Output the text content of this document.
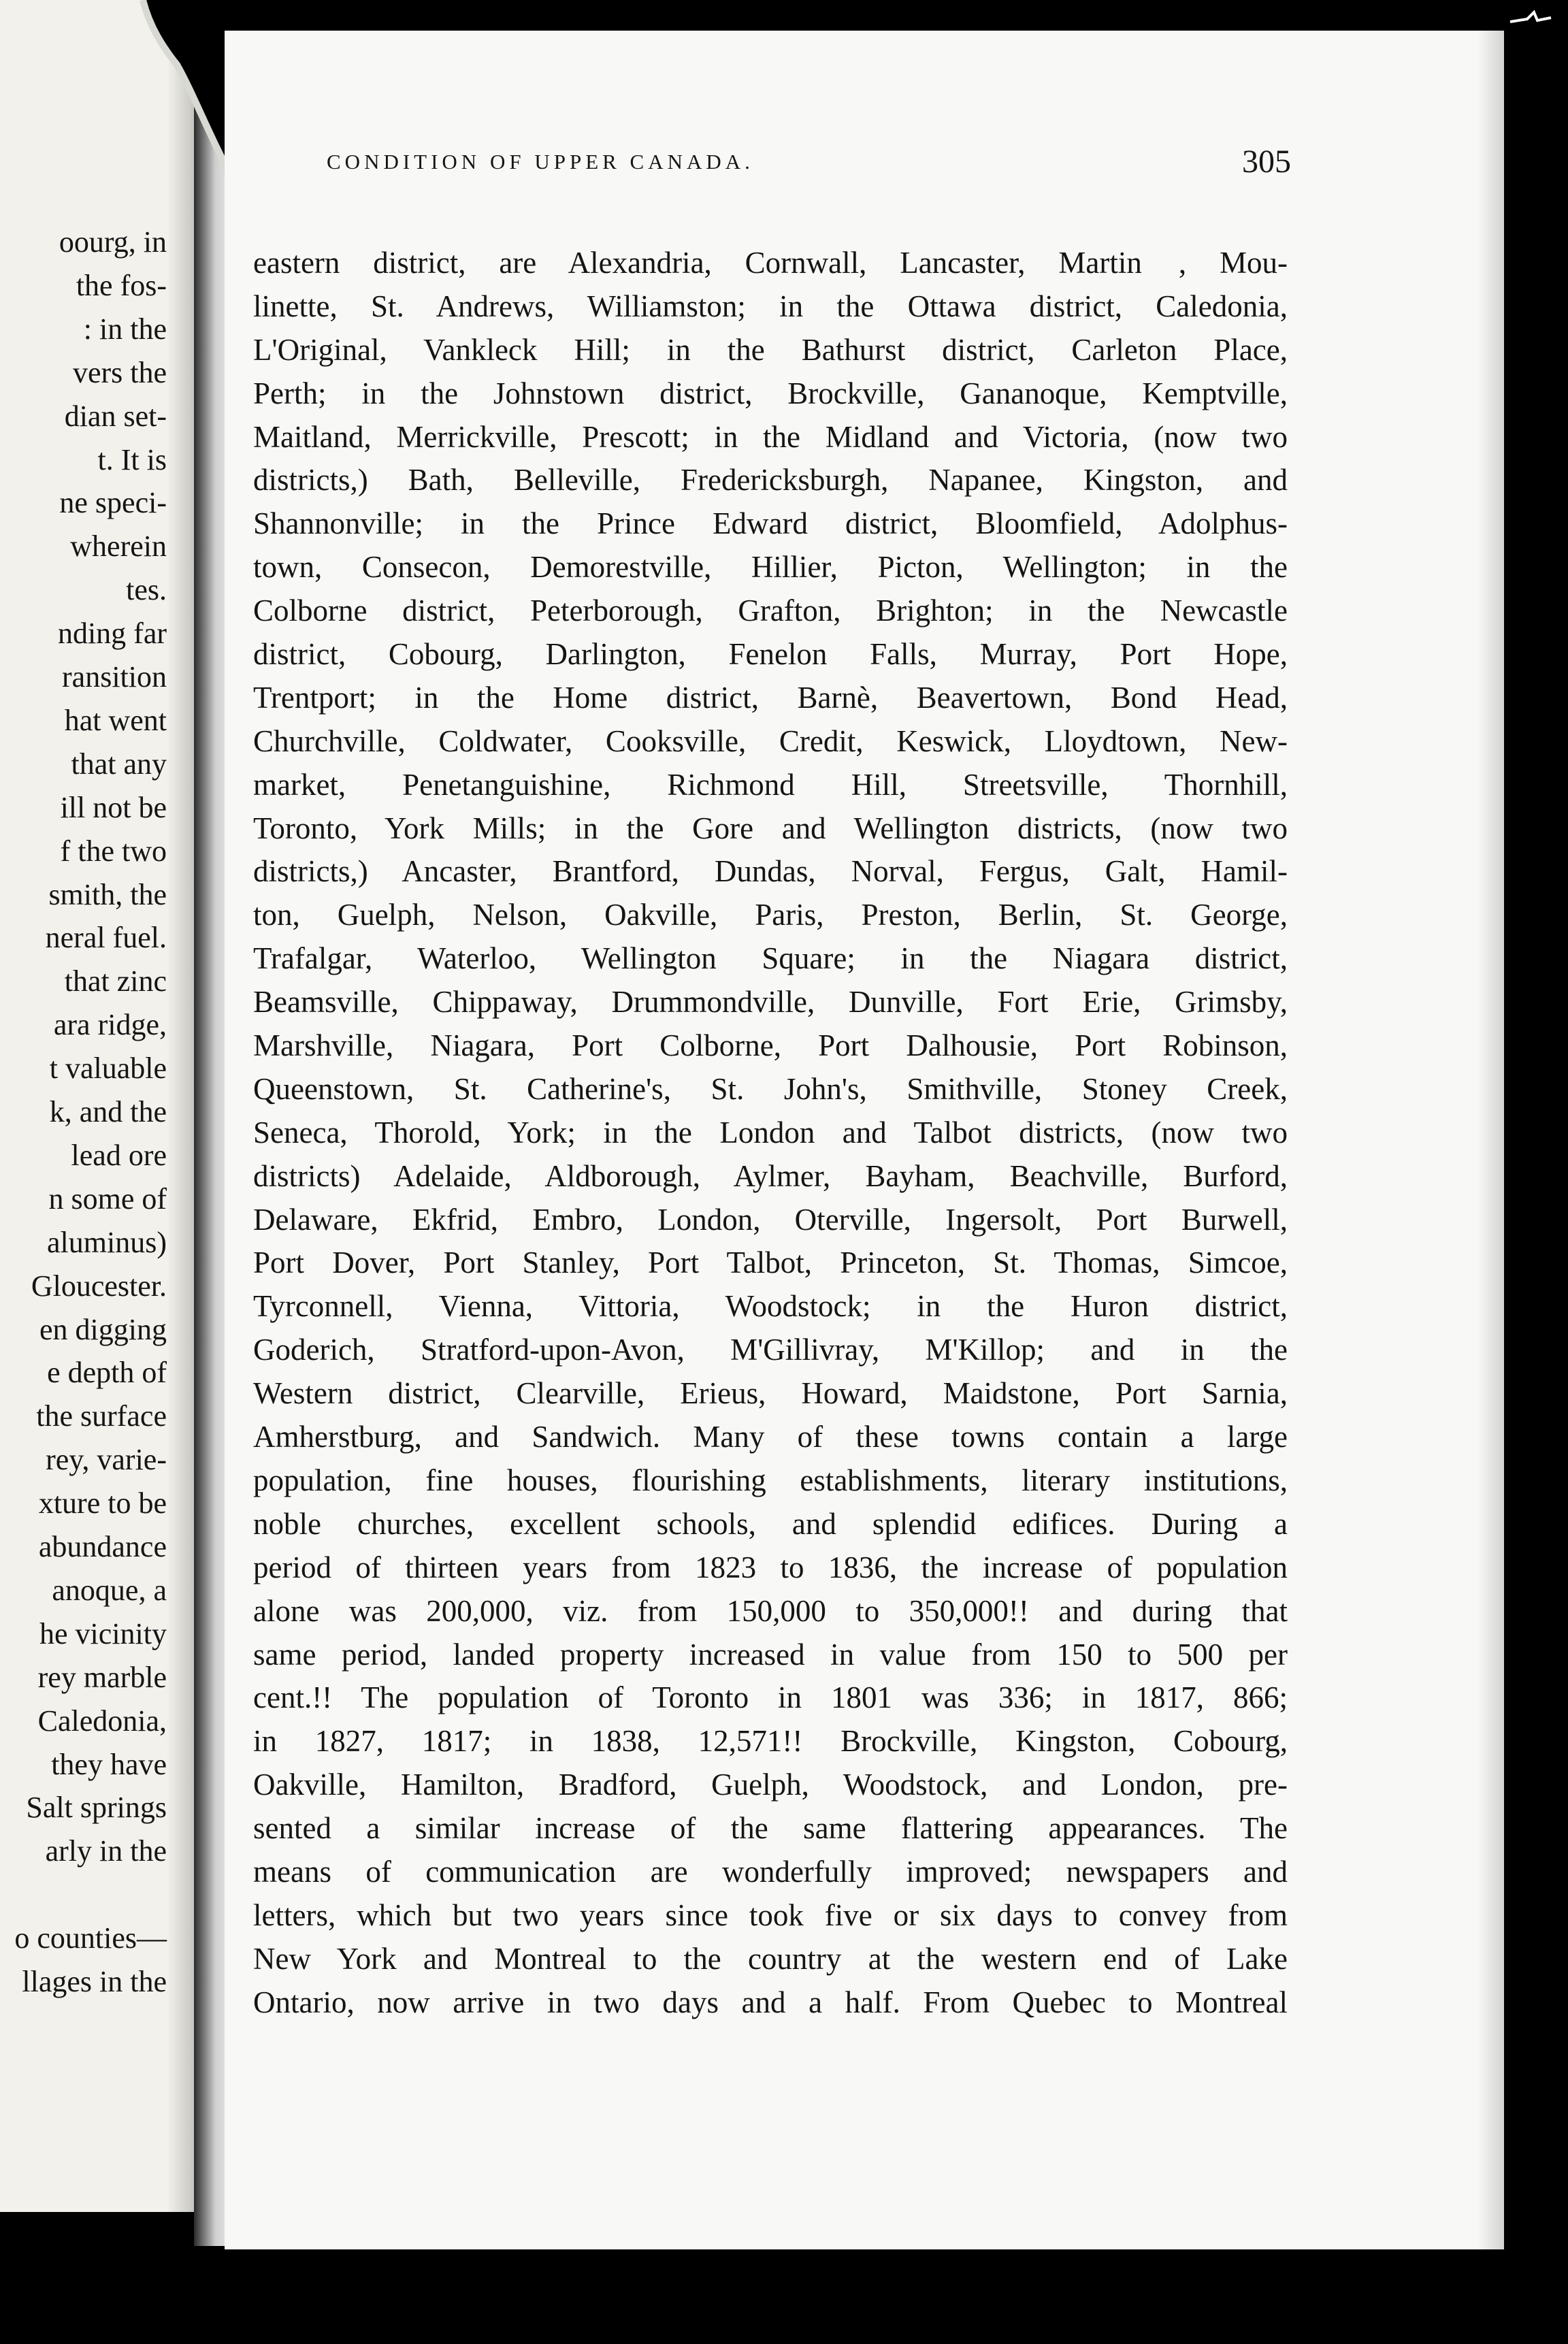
oourg, in
the fos-
: in the
vers the
dian set-
t. It is
ne speci-
wherein
tes.
nding far
ransition
hat went
that any
ill not be
f the two
smith, the
neral fuel.
that zinc
ara ridge,
t valuable
k, and the
lead ore
n some of
aluminus)
Gloucester.
en digging
e depth of
the surface
rey, varie-
xture to be
abundance
anoque, a
he vicinity
rey marble
Caledonia,
they have
Salt springs
arly in the
o counties—
llages in the
CONDITION OF UPPER CANADA.	305
eastern district, are Alexandria, Cornwall, Lancaster, Martin      , Mou-
linette, St. Andrews, Williamston; in the Ottawa district, Caledonia,
L'Original, Vankleck Hill; in the Bathurst district, Carleton Place,
Perth; in the Johnstown district, Brockville, Gananoque, Kemptville,
Maitland, Merrickville, Prescott; in the Midland and Victoria, (now two
districts,) Bath, Belleville, Fredericksburgh, Napanee, Kingston, and
Shannonville; in the Prince Edward district, Bloomfield, Adolphus-
town, Consecon, Demorestville, Hillier, Picton, Wellington; in the
Colborne district, Peterborough, Grafton, Brighton; in the Newcastle
district, Cobourg, Darlington, Fenelon Falls, Murray, Port Hope,
Trentport; in the Home district, Barnè, Beavertown, Bond Head,
Churchville, Coldwater, Cooksville, Credit, Keswick, Lloydtown, New-
market, Penetanguishine, Richmond Hill, Streetsville, Thornhill,
Toronto, York Mills; in the Gore and Wellington districts, (now two
districts,) Ancaster, Brantford, Dundas, Norval, Fergus, Galt, Hamil-
ton, Guelph, Nelson, Oakville, Paris, Preston, Berlin, St. George,
Trafalgar, Waterloo, Wellington Square; in the Niagara district,
Beamsville, Chippaway, Drummondville, Dunville, Fort Erie, Grimsby,
Marshville, Niagara, Port Colborne, Port Dalhousie, Port Robinson,
Queenstown, St. Catherine's, St. John's, Smithville, Stoney Creek,
Seneca, Thorold, York; in the London and Talbot districts, (now two
districts) Adelaide, Aldborough, Aylmer, Bayham, Beachville, Burford,
Delaware, Ekfrid, Embro, London, Oterville, Ingersolt, Port Burwell,
Port Dover, Port Stanley, Port Talbot, Princeton, St. Thomas, Simcoe,
Tyrconnell, Vienna, Vittoria, Woodstock; in the Huron district,
Goderich, Stratford-upon-Avon, M'Gillivray, M'Killop; and in the
Western district, Clearville, Erieus, Howard, Maidstone, Port Sarnia,
Amherstburg, and Sandwich. Many of these towns contain a large
population, fine houses, flourishing establishments, literary institutions,
noble churches, excellent schools, and splendid edifices. During a
period of thirteen years from 1823 to 1836, the increase of population
alone was 200,000, viz. from 150,000 to 350,000!! and during that
same period, landed property increased in value from 150 to 500 per
cent.!! The population of Toronto in 1801 was 336; in 1817, 866;
in 1827, 1817; in 1838, 12,571!! Brockville, Kingston, Cobourg,
Oakville, Hamilton, Bradford, Guelph, Woodstock, and London, pre-
sented a similar increase of the same flattering appearances. The
means of communication are wonderfully improved; newspapers and
letters, which but two years since took five or six days to convey from
New York and Montreal to the country at the western end of Lake
Ontario, now arrive in two days and a half. From Quebec to Montreal
